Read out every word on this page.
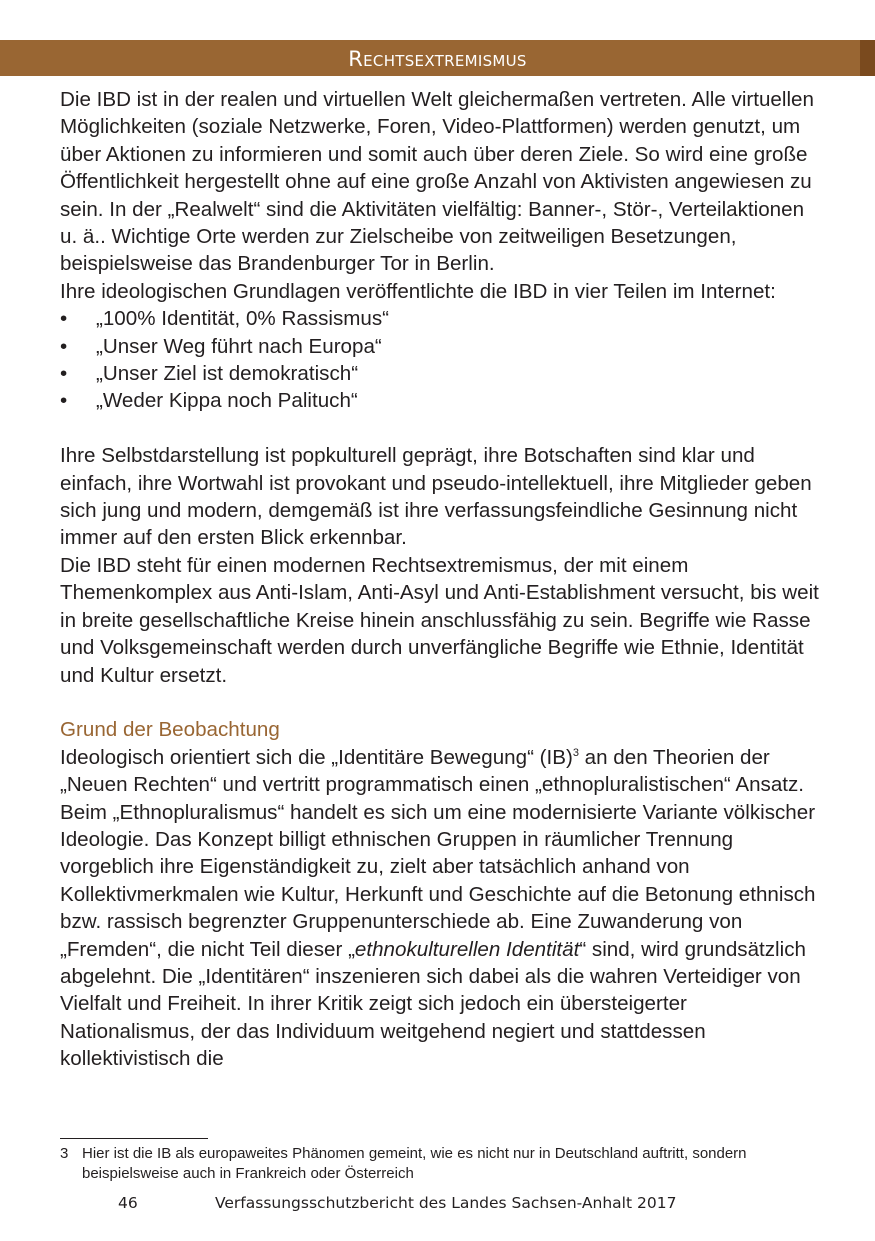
Rechtsextremismus

Die IBD ist in der realen und virtuellen Welt gleichermaßen vertreten. Alle virtuellen Möglichkeiten (soziale Netzwerke, Foren, Video-Plattformen) werden genutzt, um über Aktionen zu informieren und somit auch über deren Ziele. So wird eine große Öffentlichkeit hergestellt ohne auf eine große Anzahl von Aktivisten angewiesen zu sein. In der „Realwelt“ sind die Aktivitäten vielfältig: Banner-, Stör-, Verteilaktionen u. ä.. Wichtige Orte werden zur Zielscheibe von zeitweiligen Besetzungen, beispielsweise das Brandenburger Tor in Berlin.

Ihre ideologischen Grundlagen veröffentlichte die IBD in vier Teilen im Internet:

• „100% Identität, 0% Rassismus“
• „Unser Weg führt nach Europa“
• „Unser Ziel ist demokratisch“
• „Weder Kippa noch Palituch“

Ihre Selbstdarstellung ist popkulturell geprägt, ihre Botschaften sind klar und einfach, ihre Wortwahl ist provokant und pseudo-intellektuell, ihre Mitglieder geben sich jung und modern, demgemäß ist ihre verfassungsfeindliche Gesinnung nicht immer auf den ersten Blick erkennbar.

Die IBD steht für einen modernen Rechtsextremismus, der mit einem Themenkomplex aus Anti-Islam, Anti-Asyl und Anti-Establishment versucht, bis weit in breite gesellschaftliche Kreise hinein anschlussfähig zu sein. Begriffe wie Rasse und Volksgemeinschaft werden durch unverfängliche Begriffe wie Ethnie, Identität und Kultur ersetzt.

Grund der Beobachtung

Ideologisch orientiert sich die „Identitäre Bewegung“ (IB)$^3$ an den Theorien der „Neuen Rechten“ und vertritt programmatisch einen „ethnopluralistischen“ Ansatz. Beim „Ethnopluralismus“ handelt es sich um eine modernisierte Variante völkischer Ideologie. Das Konzept billigt ethnischen Gruppen in räumlicher Trennung vorgeblich ihre Eigenständigkeit zu, zielt aber tatsächlich anhand von Kollektivmerkmalen wie Kultur, Herkunft und Geschichte auf die Betonung ethnisch bzw. rassisch begrenzter Gruppenunterschiede ab. Eine Zuwanderung von „Fremden“, die nicht Teil dieser „ethnokulturellen Identität“ sind, wird grundsätzlich abgelehnt. Die „Identitären“ inszenieren sich dabei als die wahren Verteidiger von Vielfalt und Freiheit. In ihrer Kritik zeigt sich jedoch ein übersteigerter Nationalismus, der das Individuum weitgehend negiert und stattdessen kollektivistisch die

3 Hier ist die IB als europaweites Phänomen gemeint, wie es nicht nur in Deutschland auftritt, sondern beispielsweise auch in Frankreich oder Österreich
46	Verfassungsschutzbericht des Landes Sachsen-Anhalt 2017
